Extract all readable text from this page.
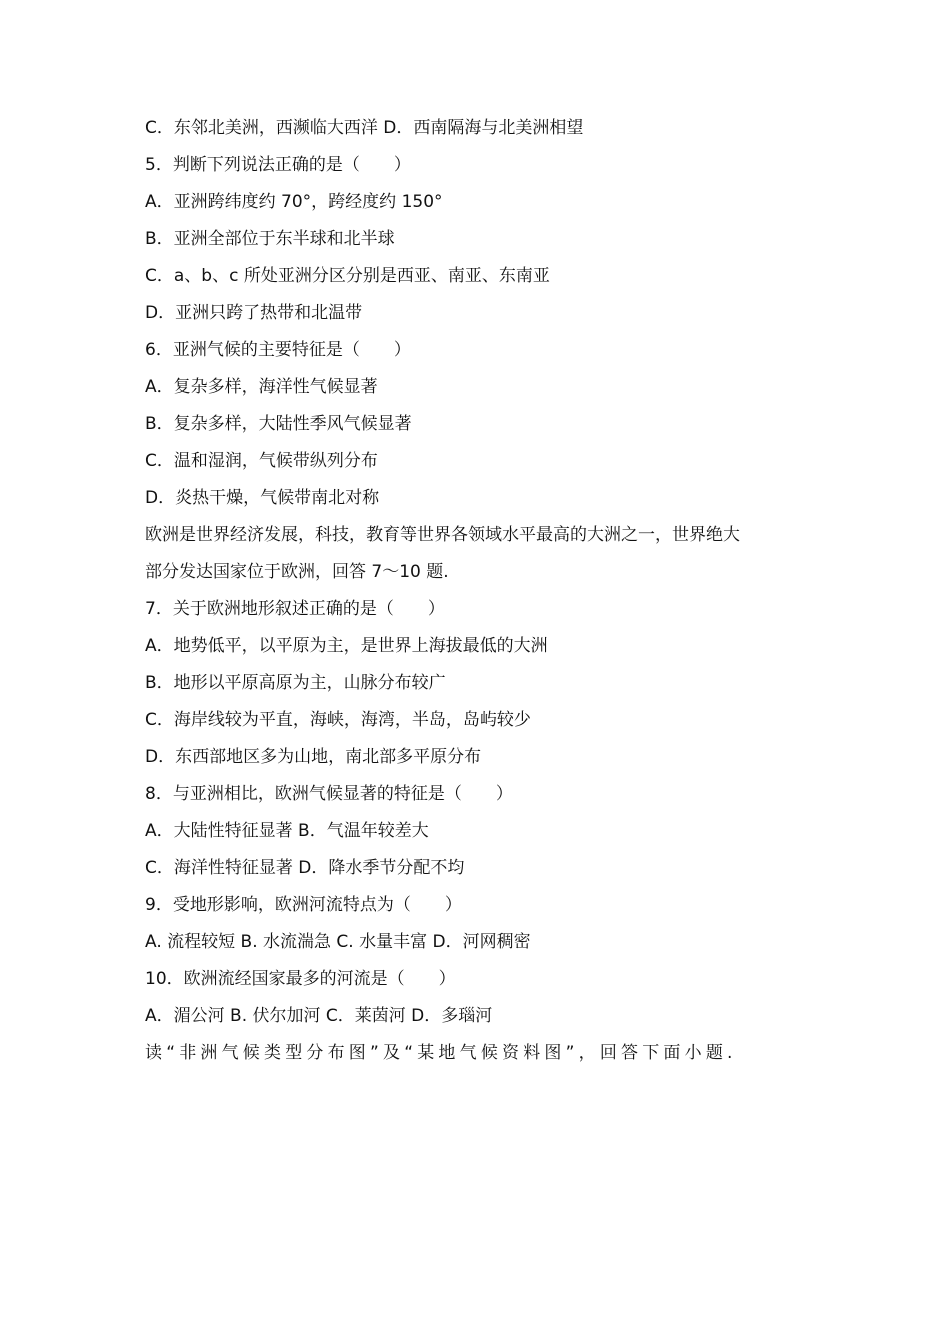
C．东邻北美洲，西濒临大西洋 D．西南隔海与北美洲相望
5．判断下列说法正确的是（　　）
A．亚洲跨纬度约 70°，跨经度约 150°
B．亚洲全部位于东半球和北半球
C．a、b、c 所处亚洲分区分别是西亚、南亚、东南亚
D．亚洲只跨了热带和北温带
6．亚洲气候的主要特征是（　　）
A．复杂多样，海洋性气候显著
B．复杂多样，大陆性季风气候显著
C．温和湿润，气候带纵列分布
D．炎热干燥，气候带南北对称
欧洲是世界经济发展，科技，教育等世界各领域水平最高的大洲之一，世界绝大
部分发达国家位于欧洲，回答 7～10 题.
7．关于欧洲地形叙述正确的是（　　）
A．地势低平，以平原为主，是世界上海拔最低的大洲
B．地形以平原高原为主，山脉分布较广
C．海岸线较为平直，海峡，海湾，半岛，岛屿较少
D．东西部地区多为山地，南北部多平原分布
8．与亚洲相比，欧洲气候显著的特征是（　　）
A．大陆性特征显著 B．气温年较差大
C．海洋性特征显著 D．降水季节分配不均
9．受地形影响，欧洲河流特点为（　　）
A. 流程较短 B. 水流湍急 C. 水量丰富 D．河网稠密
10．欧洲流经国家最多的河流是（　　）
A．湄公河 B. 伏尔加河 C．莱茵河 D．多瑙河
读“非洲气候类型分布图”及“某地气候资料图”，回答下面小题.
